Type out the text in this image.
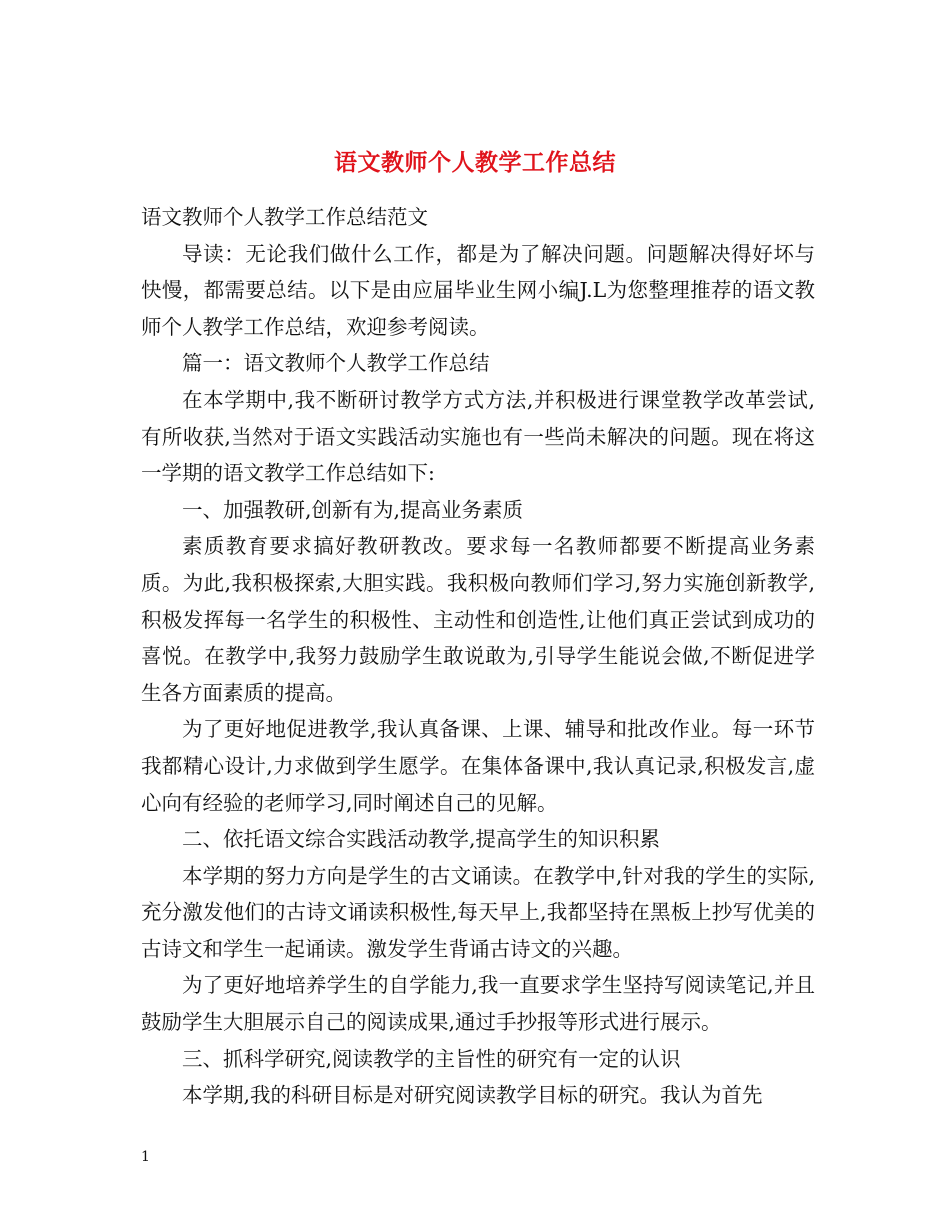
语文教师个人教学工作总结

语文教师个人教学工作总结范文

导读：无论我们做什么工作，都是为了解决问题。问题解决得好坏与快慢，都需要总结。以下是由应届毕业生网小编J.L为您整理推荐的语文教师个人教学工作总结，欢迎参考阅读。

篇一：语文教师个人教学工作总结

在本学期中,我不断研讨教学方式方法,并积极进行课堂教学改革尝试,有所收获,当然对于语文实践活动实施也有一些尚未解决的问题。现在将这一学期的语文教学工作总结如下:

一、加强教研,创新有为,提高业务素质

素质教育要求搞好教研教改。要求每一名教师都要不断提高业务素质。为此,我积极探索,大胆实践。我积极向教师们学习,努力实施创新教学,积极发挥每一名学生的积极性、主动性和创造性,让他们真正尝试到成功的喜悦。在教学中,我努力鼓励学生敢说敢为,引导学生能说会做,不断促进学生各方面素质的提高。

为了更好地促进教学,我认真备课、上课、辅导和批改作业。每一环节我都精心设计,力求做到学生愿学。在集体备课中,我认真记录,积极发言,虚心向有经验的老师学习,同时阐述自己的见解。

二、依托语文综合实践活动教学,提高学生的知识积累

本学期的努力方向是学生的古文诵读。在教学中,针对我的学生的实际,充分激发他们的古诗文诵读积极性,每天早上,我都坚持在黑板上抄写优美的古诗文和学生一起诵读。激发学生背诵古诗文的兴趣。

为了更好地培养学生的自学能力,我一直要求学生坚持写阅读笔记,并且鼓励学生大胆展示自己的阅读成果,通过手抄报等形式进行展示。

三、抓科学研究,阅读教学的主旨性的研究有一定的认识

本学期,我的科研目标是对研究阅读教学目标的研究。我认为首先

1
